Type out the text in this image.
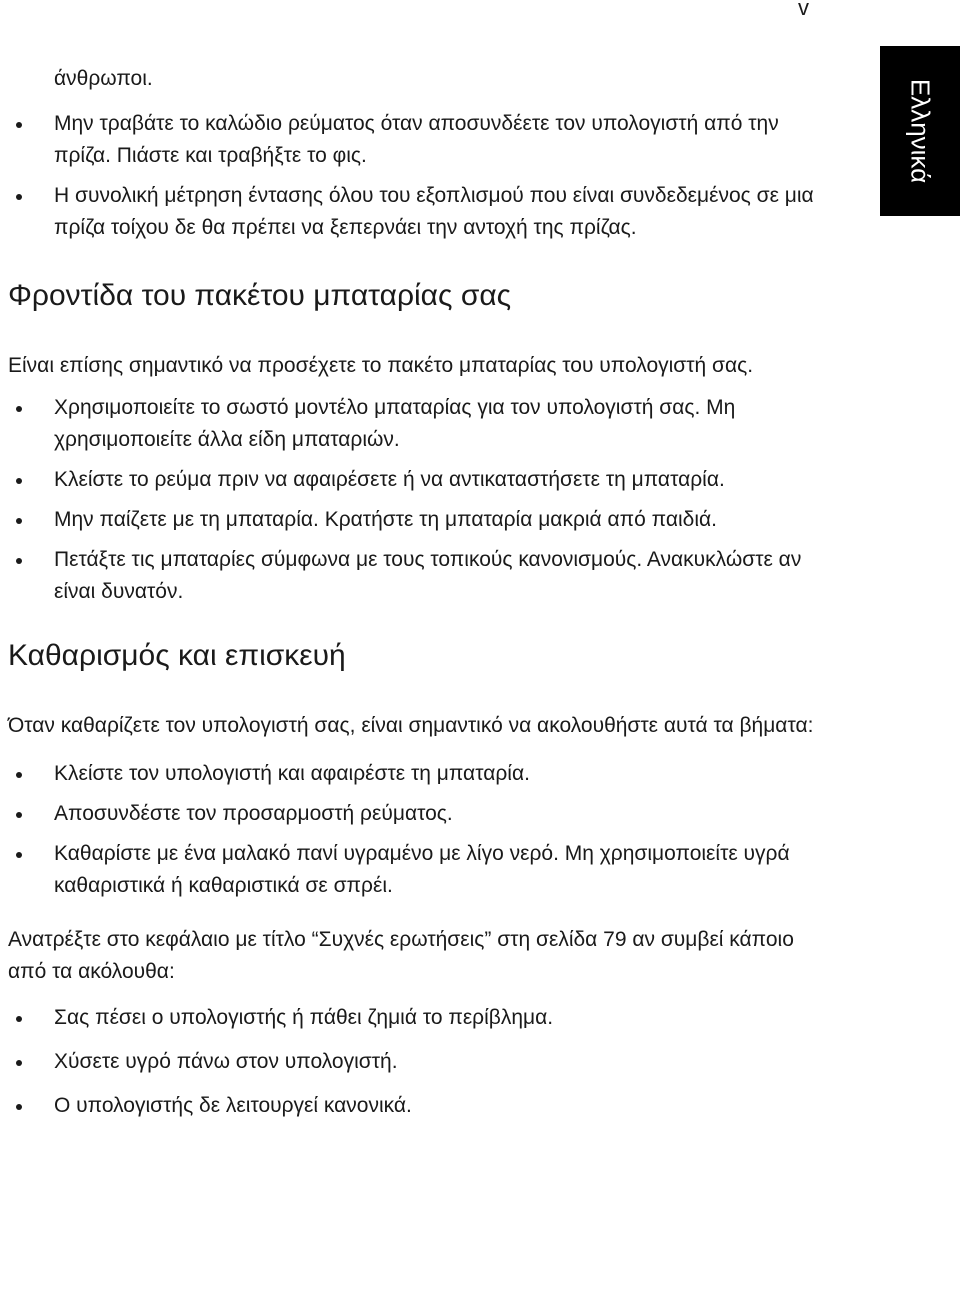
v
Ελληνικά
άνθρωποι.
Μην τραβάτε το καλώδιο ρεύματος όταν αποσυνδέετε τον υπολογιστή από την πρίζα. Πιάστε και τραβήξτε το φις.
Η συνολική μέτρηση έντασης όλου του εξοπλισμού που είναι συνδεδεμένος σε μια πρίζα τοίχου δε θα πρέπει να ξεπερνάει την αντοχή της πρίζας.
Φροντίδα του πακέτου μπαταρίας σας

Είναι επίσης σημαντικό να προσέχετε το πακέτο μπαταρίας του υπολογιστή σας.

Χρησιμοποιείτε το σωστό μοντέλο μπαταρίας για τον υπολογιστή σας. Μη χρησιμοποιείτε άλλα είδη μπαταριών.
Κλείστε το ρεύμα πριν να αφαιρέσετε ή να αντικαταστήσετε τη μπαταρία.
Μην παίζετε με τη μπαταρία. Κρατήστε τη μπαταρία μακριά από παιδιά.
Πετάξτε τις μπαταρίες σύμφωνα με τους τοπικούς κανονισμούς. Ανακυκλώστε αν είναι δυνατόν.
Καθαρισμός και επισκευή

Όταν καθαρίζετε τον υπολογιστή σας, είναι σημαντικό να ακολουθήστε αυτά τα βήματα:

Κλείστε τον υπολογιστή και αφαιρέστε τη μπαταρία.
Αποσυνδέστε τον προσαρμοστή ρεύματος.
Καθαρίστε με ένα μαλακό πανί υγραμένο με λίγο νερό. Μη χρησιμοποιείτε υγρά καθαριστικά ή καθαριστικά σε σπρέι.

Ανατρέξτε στο κεφάλαιο με τίτλο “Συχνές ερωτήσεις” στη σελίδα 79 αν συμβεί κάποιο από τα ακόλουθα:

Σας πέσει ο υπολογιστής ή πάθει ζημιά το περίβλημα.
Χύσετε υγρό πάνω στον υπολογιστή.
Ο υπολογιστής δε λειτουργεί κανονικά.
